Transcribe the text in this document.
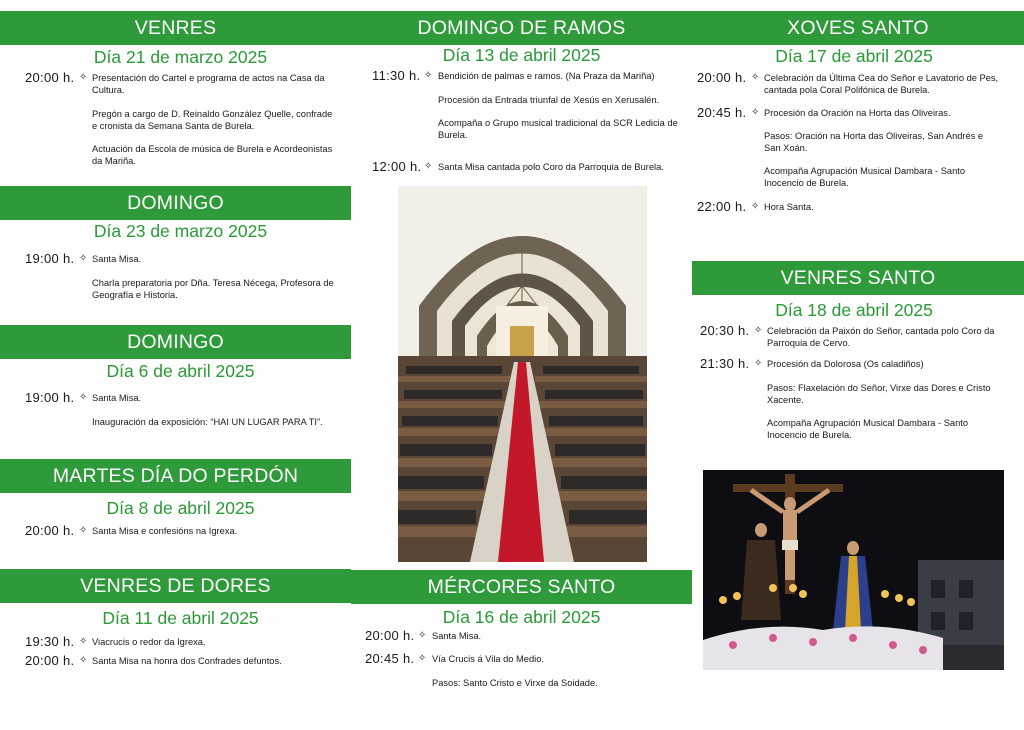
VENRES
Día 21 de marzo 2025
20:00 h. ✧ Presentación do Cartel e programa de actos na Casa da Cultura.
Pregón a cargo de D. Reinaldo González Quelle, confrade e cronista da Semana Santa de Burela.
Actuación da Escola de música de Burela e Acordeonistas da Mariña.
DOMINGO
Día 23 de marzo 2025
19:00 h. ✧ Santa Misa.
Charla preparatoria por Dña. Teresa Nécega, Profesora de Geografía e Historia.
DOMINGO
Día 6 de abril 2025
19:00 h. ✧ Santa Misa.
Inauguración da exposición: “HAI UN LUGAR PARA TI”.
MARTES DÍA DO PERDÓN
Día 8 de abril 2025
20:00 h. ✧ Santa Misa e confesións na Igrexa.
VENRES DE DORES
Día 11 de abril 2025
19:30 h. ✧ Viacrucis o redor da Igrexa.
20:00 h. ✧ Santa Misa na honra dos Confrades defuntos.
DOMINGO DE RAMOS
Día 13 de abril 2025
11:30 h. ✧ Bendición de palmas e ramos. (Na Praza da Mariña)
Procesión da Entrada triunfal de Xesús en Xerusalén.
Acompaña o Grupo musical tradicional da SCR Ledicia de Burela.
12:00 h. ✧ Santa Misa cantada polo Coro da Parroquia de Burela.
MÉRCORES SANTO
Día 16 de abril 2025
20:00 h. ✧ Santa Misa.
20:45 h. ✧ Vía Crucis á Vila do Medio.
Pasos: Santo Cristo e Virxe da Soidade.
XOVES SANTO
Día 17 de abril 2025
20:00 h. ✧ Celebración da Última Cea do Señor e Lavatorio de Pes, cantada pola Coral Polifónica de Burela.
20:45 h. ✧ Procesión da Oración na Horta das Oliveiras.
Pasos: Oración na Horta das Oliveiras, San Andrés e San Xoán.
Acompaña Agrupación Musical Dambara - Santo Inocencio de Burela.
22:00 h. ✧ Hora Santa.
VENRES SANTO
Día 18 de abril 2025
20:30 h. ✧ Celebración da Paixón do Señor, cantada polo Coro da Parroquia de Cervo.
21:30 h. ✧ Procesión da Dolorosa (Os caladiños)
Pasos: Flaxelación do Señor, Virxe das Dores e Cristo Xacente.
Acompaña Agrupación Musical Dambara - Santo Inocencio de Burela.
